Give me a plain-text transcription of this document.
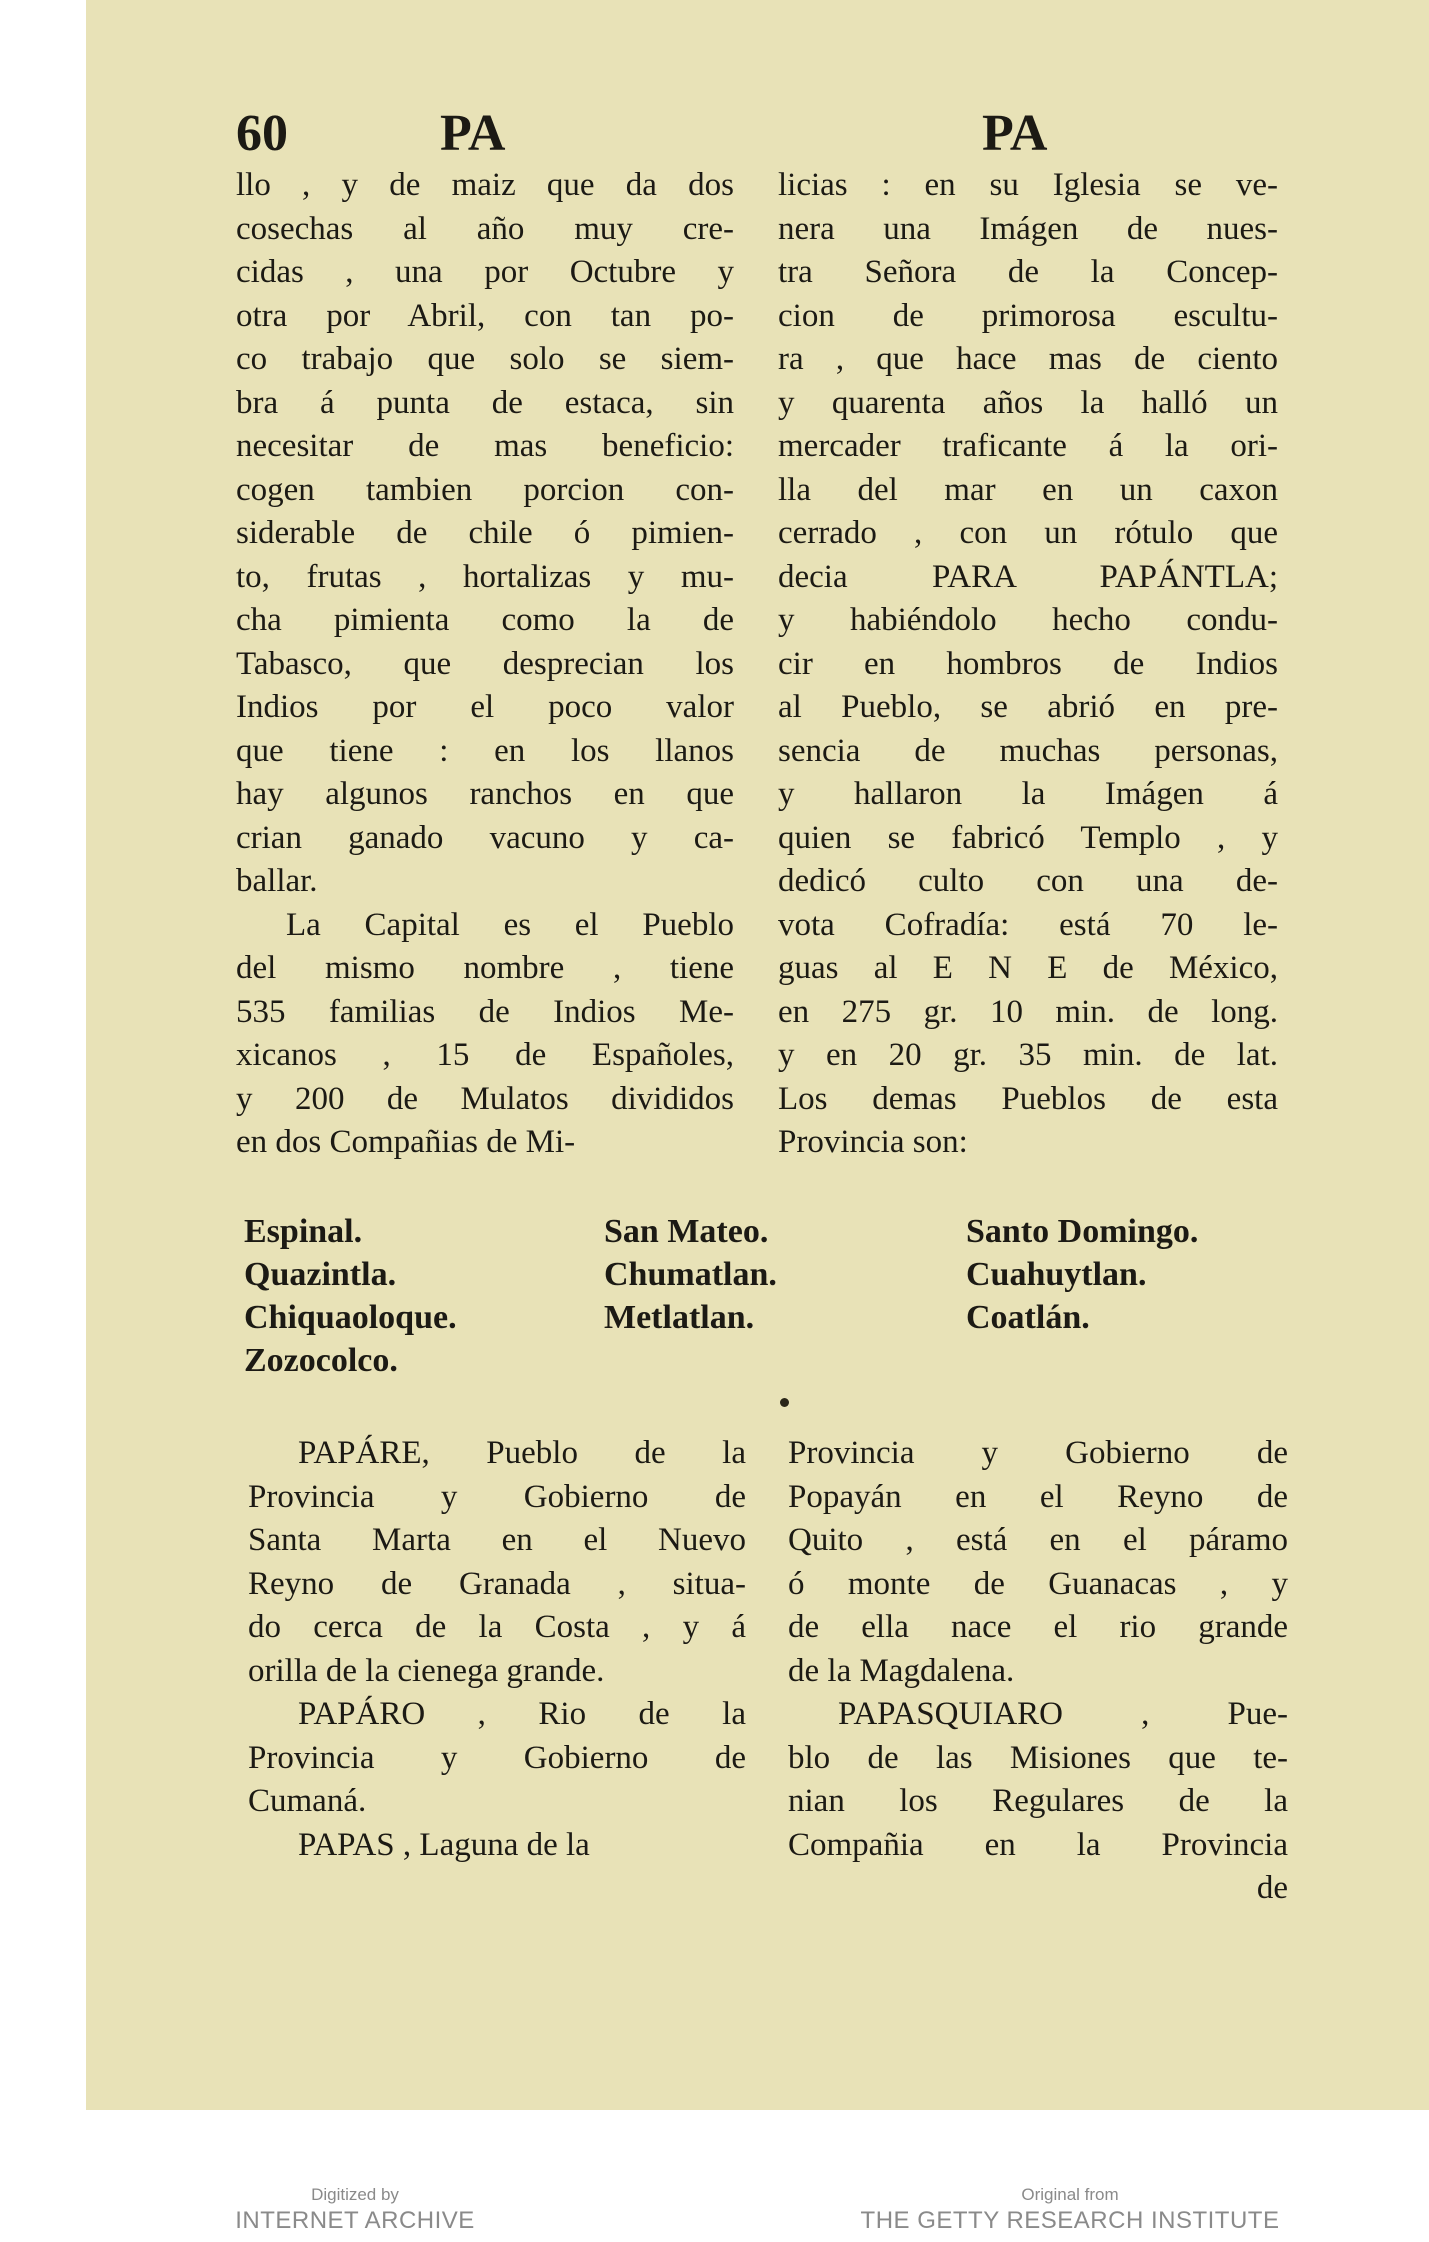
60	PA	PA
llo , y de maiz que da dos
cosechas al año muy cre-
cidas , una por Octubre y
otra por Abril, con tan po-
co trabajo que solo se siem-
bra á punta de estaca, sin
necesitar de mas beneficio:
cogen tambien porcion con-
siderable de chile ó pimien-
to, frutas , hortalizas y mu-
cha pimienta como la de
Tabasco, que desprecian los
Indios por el poco valor
que tiene : en los llanos
hay algunos ranchos en que
crian ganado vacuno y ca-
ballar.
La Capital es el Pueblo
del mismo nombre , tiene
535 familias de Indios Me-
xicanos , 15 de Españoles,
y 200 de Mulatos divididos
en dos Compañias de Mi-
licias : en su Iglesia se ve-
nera una Imágen de nues-
tra Señora de la Concep-
cion de primorosa escultu-
ra , que hace mas de ciento
y quarenta años la halló un
mercader traficante á la ori-
lla del mar en un caxon
cerrado , con un rótulo que
decia PARA PAPÁNTLA;
y habiéndolo hecho condu-
cir en hombros de Indios
al Pueblo, se abrió en pre-
sencia de muchas personas,
y hallaron la Imágen á
quien se fabricó Templo , y
dedicó culto con una de-
vota Cofradía: está 70 le-
guas al E N E de México,
en 275 gr. 10 min. de long.
y en 20 gr. 35 min. de lat.
Los demas Pueblos de esta
Provincia son:
Espinal.
Quazintla.
Chiquaoloque.
Zozocolco.
San Mateo.
Chumatlan.
Metlatlan.
Santo Domingo.
Cuahuytlan.
Coatlán.
PAPÁRE, Pueblo de la
Provincia y Gobierno de
Santa Marta en el Nuevo
Reyno de Granada , situa-
do cerca de la Costa , y á
orilla de la cienega grande.
PAPÁRO , Rio de la
Provincia y Gobierno de
Cumaná.
PAPAS , Laguna de la
Provincia y Gobierno de
Popayán en el Reyno de
Quito , está en el páramo
ó monte de Guanacas , y
de ella nace el rio grande
de la Magdalena.
PAPASQUIARO , Pue-
blo de las Misiones que te-
nian los Regulares de la
Compañia en la Provincia
de
Digitized by
INTERNET ARCHIVE
Original from
THE GETTY RESEARCH INSTITUTE
